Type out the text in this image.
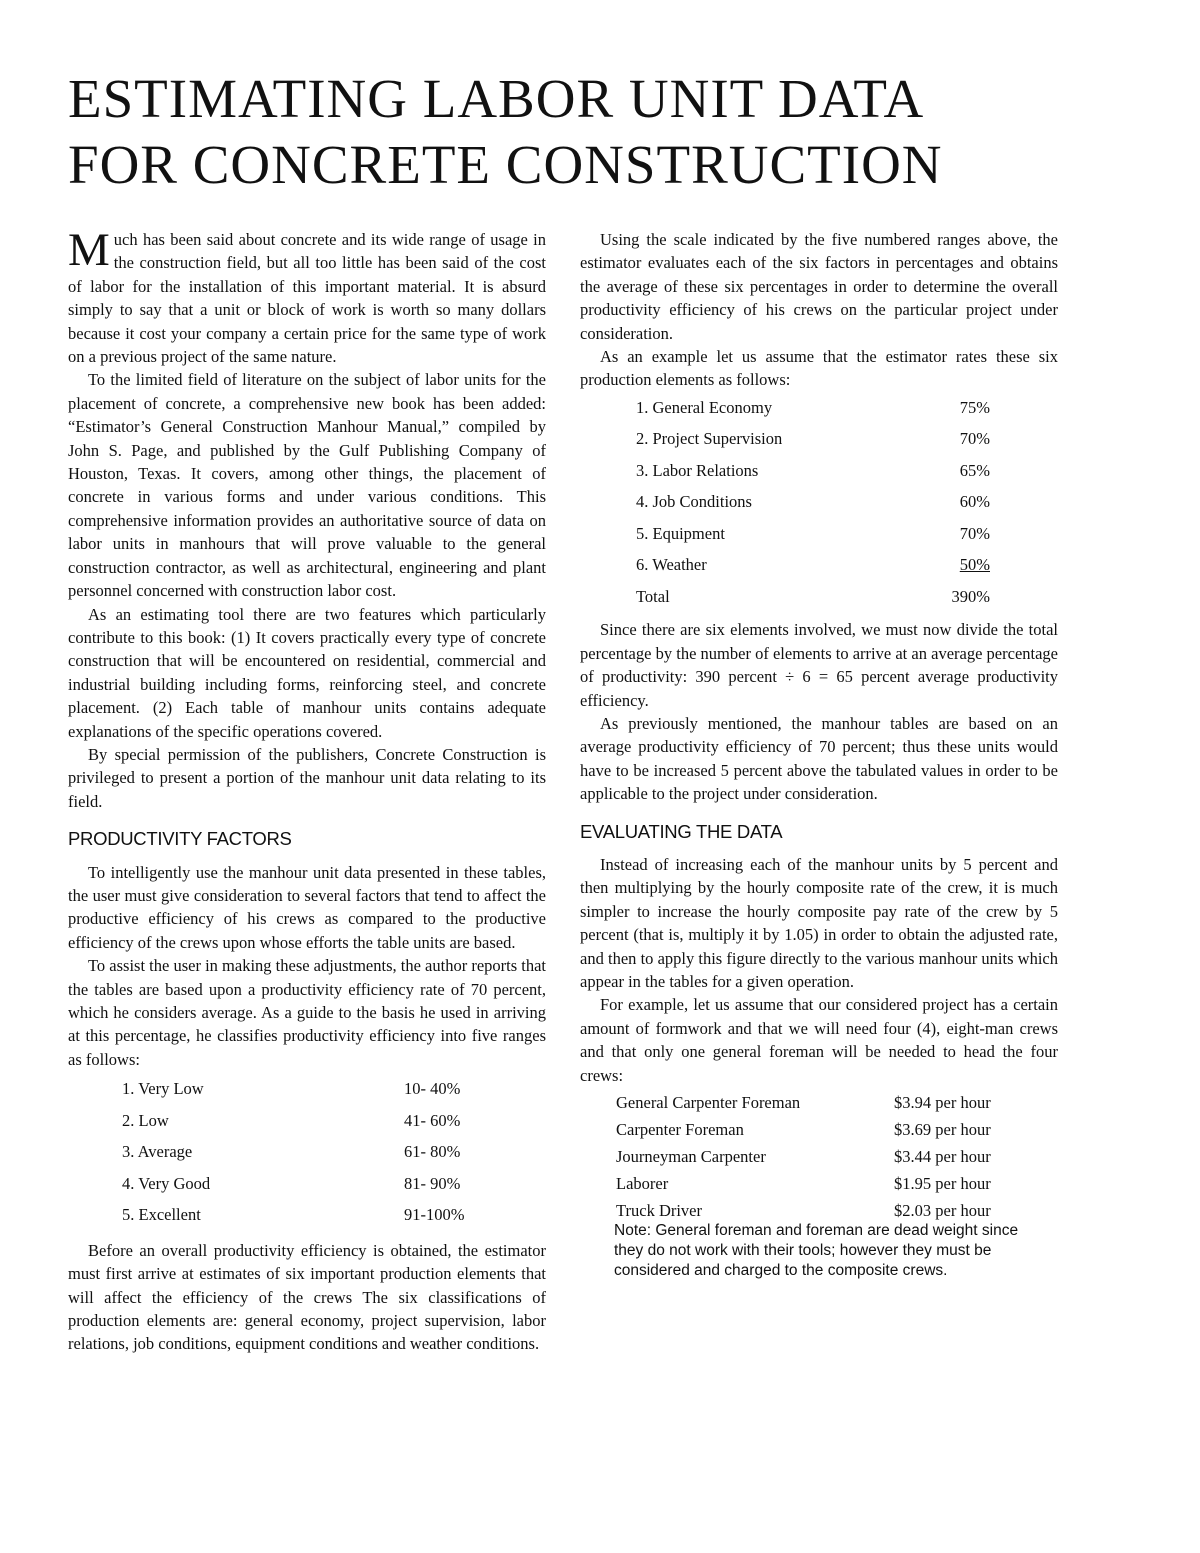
ESTIMATING LABOR UNIT DATA
FOR CONCRETE CONSTRUCTION

Much has been said about concrete and its wide range of usage in the construction field, but all too little has been said of the cost of labor for the installation of this important material. It is absurd simply to say that a unit or block of work is worth so many dollars because it cost your company a certain price for the same type of work on a previous project of the same nature.

To the limited field of literature on the subject of labor units for the placement of concrete, a comprehensive new book has been added: “Estimator’s General Construction Manhour Manual,” compiled by John S. Page, and published by the Gulf Publishing Company of Houston, Texas. It covers, among other things, the placement of concrete in various forms and under various conditions. This comprehensive information provides an authoritative source of data on labor units in manhours that will prove valuable to the general construction contractor, as well as architectural, engineering and plant personnel concerned with construction labor cost.

As an estimating tool there are two features which particularly contribute to this book: (1) It covers practically every type of concrete construction that will be encountered on residential, commercial and industrial building including forms, reinforcing steel, and concrete placement. (2) Each table of manhour units contains adequate explanations of the specific operations covered.

By special permission of the publishers, Concrete Construction is privileged to present a portion of the manhour unit data relating to its field.

PRODUCTIVITY FACTORS

To intelligently use the manhour unit data presented in these tables, the user must give consideration to several factors that tend to affect the productive efficiency of his crews as compared to the productive efficiency of the crews upon whose efforts the table units are based.

To assist the user in making these adjustments, the author reports that the tables are based upon a productivity efficiency rate of 70 percent, which he considers average. As a guide to the basis he used in arriving at this percentage, he classifies productivity efficiency into five ranges as follows:

1. Very Low	10- 40%
2. Low	41- 60%
3. Average	61- 80%
4. Very Good	81- 90%
5. Excellent	91-100%

Before an overall productivity efficiency is obtained, the estimator must first arrive at estimates of six important production elements that will affect the efficiency of the crews The six classifications of production elements are: general economy, project supervision, labor relations, job conditions, equipment conditions and weather conditions.

Using the scale indicated by the five numbered ranges above, the estimator evaluates each of the six factors in percentages and obtains the average of these six percentages in order to determine the overall productivity efficiency of his crews on the particular project under consideration.

As an example let us assume that the estimator rates these six production elements as follows:

1. General Economy	75%
2. Project Supervision	70%
3. Labor Relations	65%
4. Job Conditions	60%
5. Equipment	70%
6. Weather	50%
Total	390%

Since there are six elements involved, we must now divide the total percentage by the number of elements to arrive at an average percentage of productivity: 390 percent ÷ 6 = 65 percent average productivity efficiency.

As previously mentioned, the manhour tables are based on an average productivity efficiency of 70 percent; thus these units would have to be increased 5 percent above the tabulated values in order to be applicable to the project under consideration.

EVALUATING THE DATA

Instead of increasing each of the manhour units by 5 percent and then multiplying by the hourly composite rate of the crew, it is much simpler to increase the hourly composite pay rate of the crew by 5 percent (that is, multiply it by 1.05) in order to obtain the adjusted rate, and then to apply this figure directly to the various manhour units which appear in the tables for a given operation.

For example, let us assume that our considered project has a certain amount of formwork and that we will need four (4), eight-man crews and that only one general foreman will be needed to head the four crews:

General Carpenter Foreman	$3.94 per hour
Carpenter Foreman	$3.69 per hour
Journeyman Carpenter	$3.44 per hour
Laborer	$1.95 per hour
Truck Driver	$2.03 per hour
Note: General foreman and foreman are dead weight since they do not work with their tools; however they must be considered and charged to the composite crews.
